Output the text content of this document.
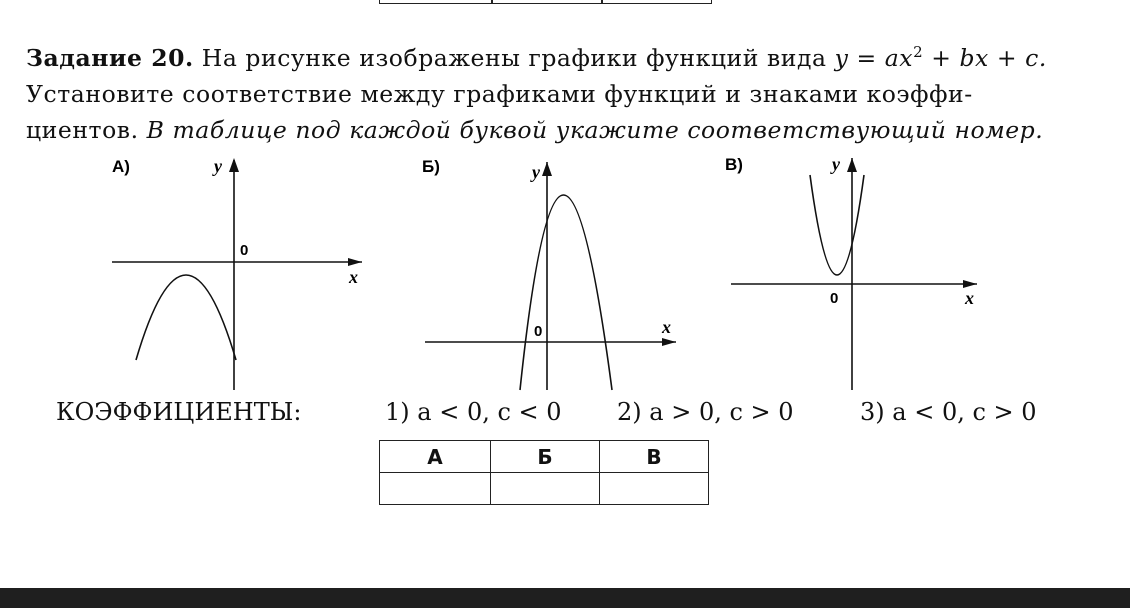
Задание 20. На рисунке изображены графики функций вида $y = ax^2$ + bx + c.
Установите соответствие между графиками функций и знаками коэффи-
циентов. В таблице под каждой буквой укажите соответствующий номер.
А)	y
x
0
Б)	y
x
0
В)	y
x
0
КОЭФФИЦИЕНТЫ:	1) a < 0, c < 0 2) a > 0, c > 0	3) a < 0, c > 0
А	Б	В
